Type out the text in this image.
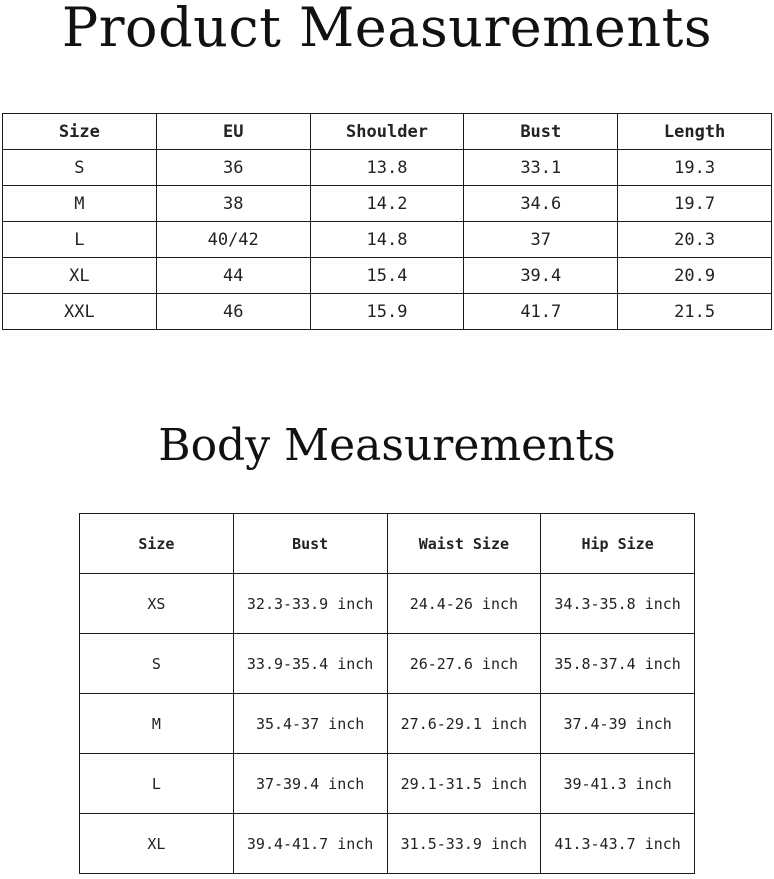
Product Measurements
Size	EU	Shoulder	Bust	Length
S	36	13.8	33.1	19.3
M	38	14.2	34.6	19.7
L	40/42	14.8	37	20.3
XL	44	15.4	39.4	20.9
XXL	46	15.9	41.7	21.5
Body Measurements
Size	Bust	Waist Size	Hip Size
XS	32.3-33.9 inch	24.4-26 inch	34.3-35.8 inch
S	33.9-35.4 inch	26-27.6 inch	35.8-37.4 inch
M	35.4-37 inch	27.6-29.1 inch	37.4-39 inch
L	37-39.4 inch	29.1-31.5 inch	39-41.3 inch
XL	39.4-41.7 inch	31.5-33.9 inch	41.3-43.7 inch
